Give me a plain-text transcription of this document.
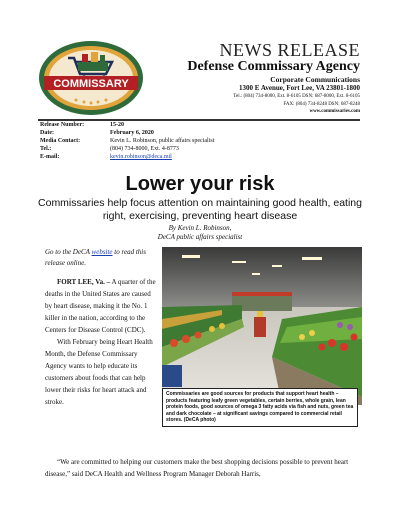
COMMISSARY
NEWS RELEASE
Defense Commissary Agency
Corporate Communications
1300 E Avenue, Fort Lee, VA 23801-1800
Tel.: (804) 734-8000, Ext. 8-6105 DSN: 687-8000, Ext. 8-6105
FAX: (804) 734-8248 DSN: 687-8248
www.commissaries.com
Release Number:	15-20
Date:	February 6, 2020
Media Contact:	Kevin L. Robinson, public affairs specialist
Tel.:	(804) 734-8000, Ext. 4-8773
E-mail:	kevin.robinson@deca.mil
Lower your risk
Commissaries help focus attention on maintaining good health, eating right, exercising, preventing heart disease
By Kevin L. Robinson,
DeCA public affairs specialist
Go to the DeCA website to read this release online.

FORT LEE, Va. – A quarter of the deaths in the United States are caused by heart disease, making it the No. 1 killer in the nation, according to the Centers for Disease Control (CDC).

With February being Heart Health Month, the Defense Commissary Agency wants to help educate its customers about foods that can help lower their risks for heart attack and stroke.

Commissaries are good sources for products that support heart health – products featuring leafy green vegetables, certain berries, whole grain, lean protein foods, good sources of omega 3 fatty acids via fish and nuts, green tea and dark chocolate – at significant savings compared to commercial retail stores. (DeCA photo)
“We are committed to helping our customers make the best shopping decisions possible to prevent heart disease,” said DeCA Health and Wellness Program Manager Deborah Harris,
